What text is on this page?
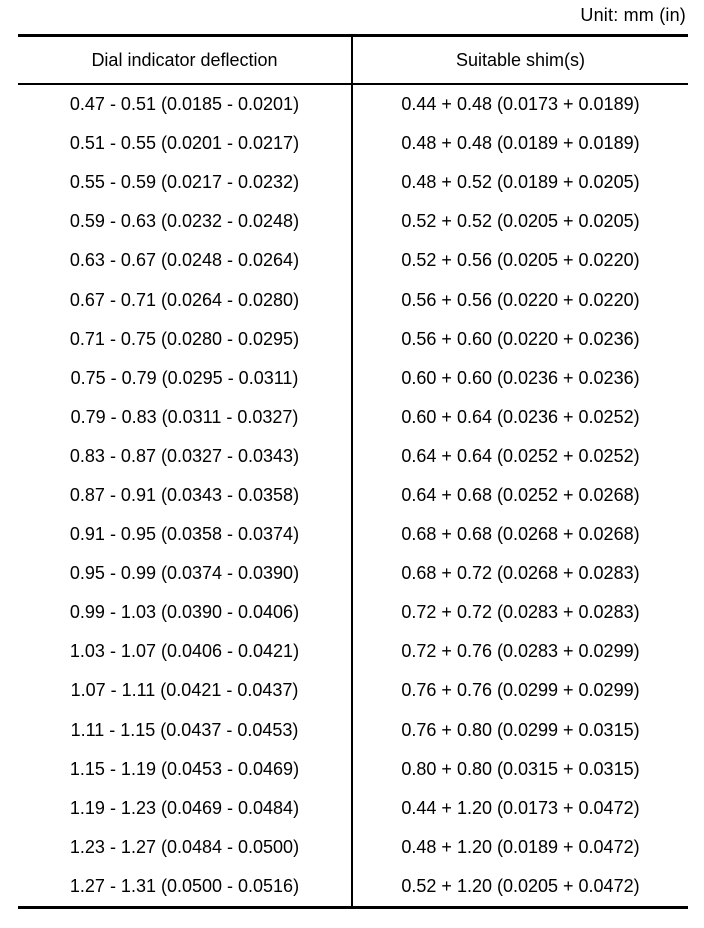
Unit: mm (in)
Dial indicator deflection	Suitable shim(s)
0.47 - 0.51 (0.0185 - 0.0201)	0.44 + 0.48 (0.0173 + 0.0189)
0.51 - 0.55 (0.0201 - 0.0217)	0.48 + 0.48 (0.0189 + 0.0189)
0.55 - 0.59 (0.0217 - 0.0232)	0.48 + 0.52 (0.0189 + 0.0205)
0.59 - 0.63 (0.0232 - 0.0248)	0.52 + 0.52 (0.0205 + 0.0205)
0.63 - 0.67 (0.0248 - 0.0264)	0.52 + 0.56 (0.0205 + 0.0220)
0.67 - 0.71 (0.0264 - 0.0280)	0.56 + 0.56 (0.0220 + 0.0220)
0.71 - 0.75 (0.0280 - 0.0295)	0.56 + 0.60 (0.0220 + 0.0236)
0.75 - 0.79 (0.0295 - 0.0311)	0.60 + 0.60 (0.0236 + 0.0236)
0.79 - 0.83 (0.0311 - 0.0327)	0.60 + 0.64 (0.0236 + 0.0252)
0.83 - 0.87 (0.0327 - 0.0343)	0.64 + 0.64 (0.0252 + 0.0252)
0.87 - 0.91 (0.0343 - 0.0358)	0.64 + 0.68 (0.0252 + 0.0268)
0.91 - 0.95 (0.0358 - 0.0374)	0.68 + 0.68 (0.0268 + 0.0268)
0.95 - 0.99 (0.0374 - 0.0390)	0.68 + 0.72 (0.0268 + 0.0283)
0.99 - 1.03 (0.0390 - 0.0406)	0.72 + 0.72 (0.0283 + 0.0283)
1.03 - 1.07 (0.0406 - 0.0421)	0.72 + 0.76 (0.0283 + 0.0299)
1.07 - 1.11 (0.0421 - 0.0437)	0.76 + 0.76 (0.0299 + 0.0299)
1.11 - 1.15 (0.0437 - 0.0453)	0.76 + 0.80 (0.0299 + 0.0315)
1.15 - 1.19 (0.0453 - 0.0469)	0.80 + 0.80 (0.0315 + 0.0315)
1.19 - 1.23 (0.0469 - 0.0484)	0.44 + 1.20 (0.0173 + 0.0472)
1.23 - 1.27 (0.0484 - 0.0500)	0.48 + 1.20 (0.0189 + 0.0472)
1.27 - 1.31 (0.0500 - 0.0516)	0.52 + 1.20 (0.0205 + 0.0472)
